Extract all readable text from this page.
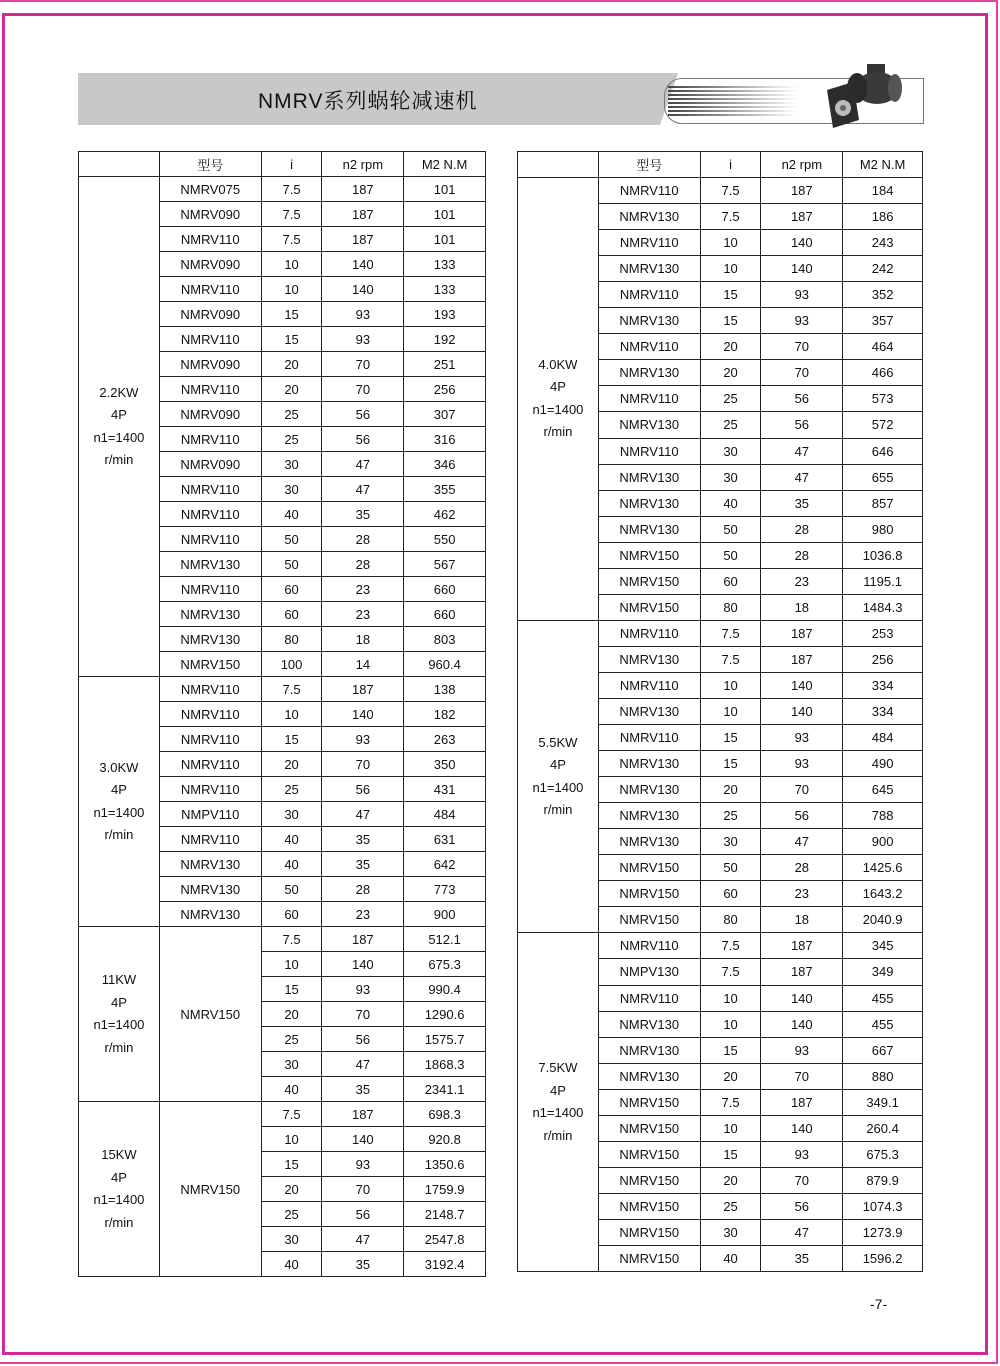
NMRV系列蜗轮减速机
	型号	i	n2 rpm	M2 N.M

2.2KW
4P
n1=1400
r/min	NMRV075	7.5	187	101
	NMRV090	7.5	187	101
	NMRV110	7.5	187	101
	NMRV090	10	140	133
	NMRV110	10	140	133
	NMRV090	15	93	193
	NMRV110	15	93	192
	NMRV090	20	70	251
	NMRV110	20	70	256
	NMRV090	25	56	307
	NMRV110	25	56	316
	NMRV090	30	47	346
	NMRV110	30	47	355
	NMRV110	40	35	462
	NMRV110	50	28	550
	NMRV130	50	28	567
	NMRV110	60	23	660
	NMRV130	60	23	660
	NMRV130	80	18	803
	NMRV150	100	14	960.4

3.0KW
4P
n1=1400
r/min	NMRV110	7.5	187	138
	NMRV110	10	140	182
	NMRV110	15	93	263
	NMRV110	20	70	350
	NMRV110	25	56	431
	NMPV110	30	47	484
	NMRV110	40	35	631
	NMRV130	40	35	642
	NMRV130	50	28	773
	NMRV130	60	23	900

11KW
4P
n1=1400
r/min	NMRV150	7.5	187	512.1
		10	140	675.3
		15	93	990.4
		20	70	1290.6
		25	56	1575.7
		30	47	1868.3
		40	35	2341.1

15KW
4P
n1=1400
r/min	NMRV150	7.5	187	698.3
		10	140	920.8
		15	93	1350.6
		20	70	1759.9
		25	56	2148.7
		30	47	2547.8
		40	35	3192.4
	型号	i	n2 rpm	M2 N.M

4.0KW
4P
n1=1400
r/min	NMRV110	7.5	187	184
	NMRV130	7.5	187	186
	NMRV110	10	140	243
	NMRV130	10	140	242
	NMRV110	15	93	352
	NMRV130	15	93	357
	NMRV110	20	70	464
	NMRV130	20	70	466
	NMRV110	25	56	573
	NMRV130	25	56	572
	NMRV110	30	47	646
	NMRV130	30	47	655
	NMRV130	40	35	857
	NMRV130	50	28	980
	NMRV150	50	28	1036.8
	NMRV150	60	23	1195.1
	NMRV150	80	18	1484.3

5.5KW
4P
n1=1400
r/min	NMRV110	7.5	187	253
	NMRV130	7.5	187	256
	NMRV110	10	140	334
	NMRV130	10	140	334
	NMRV110	15	93	484
	NMRV130	15	93	490
	NMRV130	20	70	645
	NMRV130	25	56	788
	NMRV130	30	47	900
	NMRV150	50	28	1425.6
	NMRV150	60	23	1643.2
	NMRV150	80	18	2040.9

7.5KW
4P
n1=1400
r/min	NMRV110	7.5	187	345
	NMPV130	7.5	187	349
	NMRV110	10	140	455
	NMRV130	10	140	455
	NMRV130	15	93	667
	NMRV130	20	70	880
	NMRV150	7.5	187	349.1
	NMRV150	10	140	260.4
	NMRV150	15	93	675.3
	NMRV150	20	70	879.9
	NMRV150	25	56	1074.3
	NMRV150	30	47	1273.9
	NMRV150	40	35	1596.2
-7-
